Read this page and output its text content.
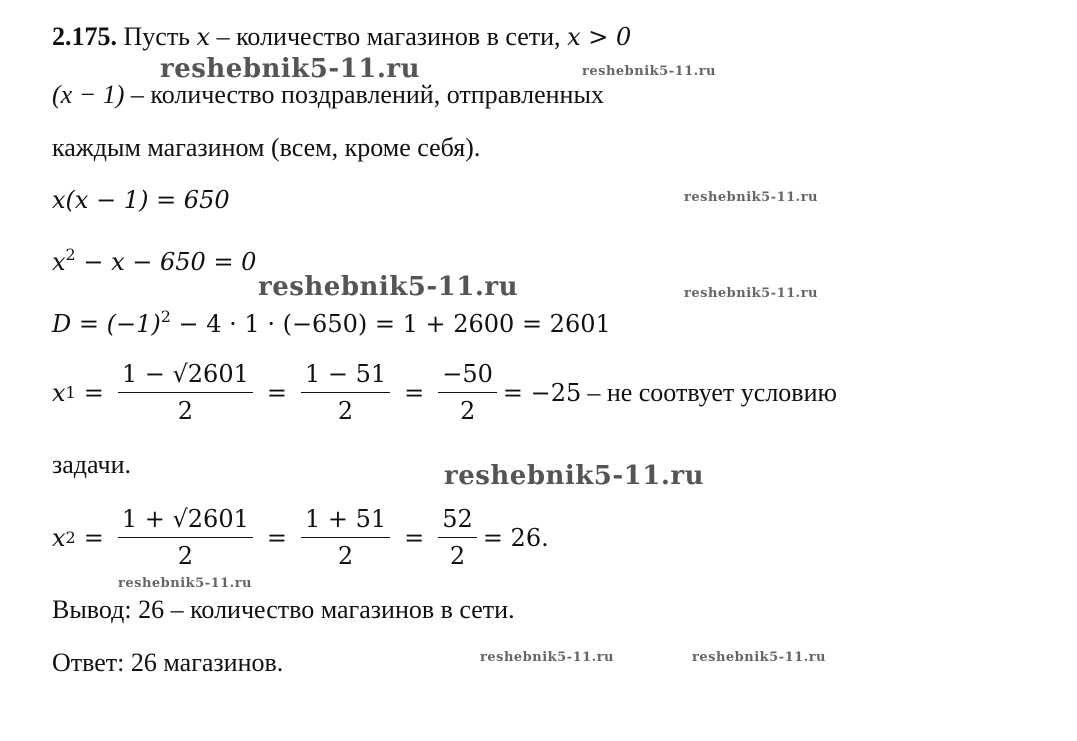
2.175. Пусть x – количество магазинов в сети, x > 0
(x − 1) – количество поздравлений, отправленных
каждым магазином (всем, кроме себя).
x(x − 1) = 650
$x^2 - x - 650 = 0$
$D = (-1)^2 - 4 \cdot 1 \cdot (-650) = 1 + 2600 = 2601$
x $1 = \frac{1 - √2601}{2} = \frac{1 - 51}{2} = \frac{-50}{2} = -25$ – не соотвует условию
задачи.
x $2 = \frac{1 + √2601}{2} = \frac{1 + 51}{2} = \frac{52}{2} = 26$.
Вывод: 26 – количество магазинов в сети.
Ответ: 26 магазинов.
reshebnik5-11.ru	reshebnik5-11.ru
reshebnik5-11.ru
reshebnik5-11.ru	reshebnik5-11.ru
reshebnik5-11.ru
reshebnik5-11.ru
reshebnik5-11.ru	reshebnik5-11.ru
